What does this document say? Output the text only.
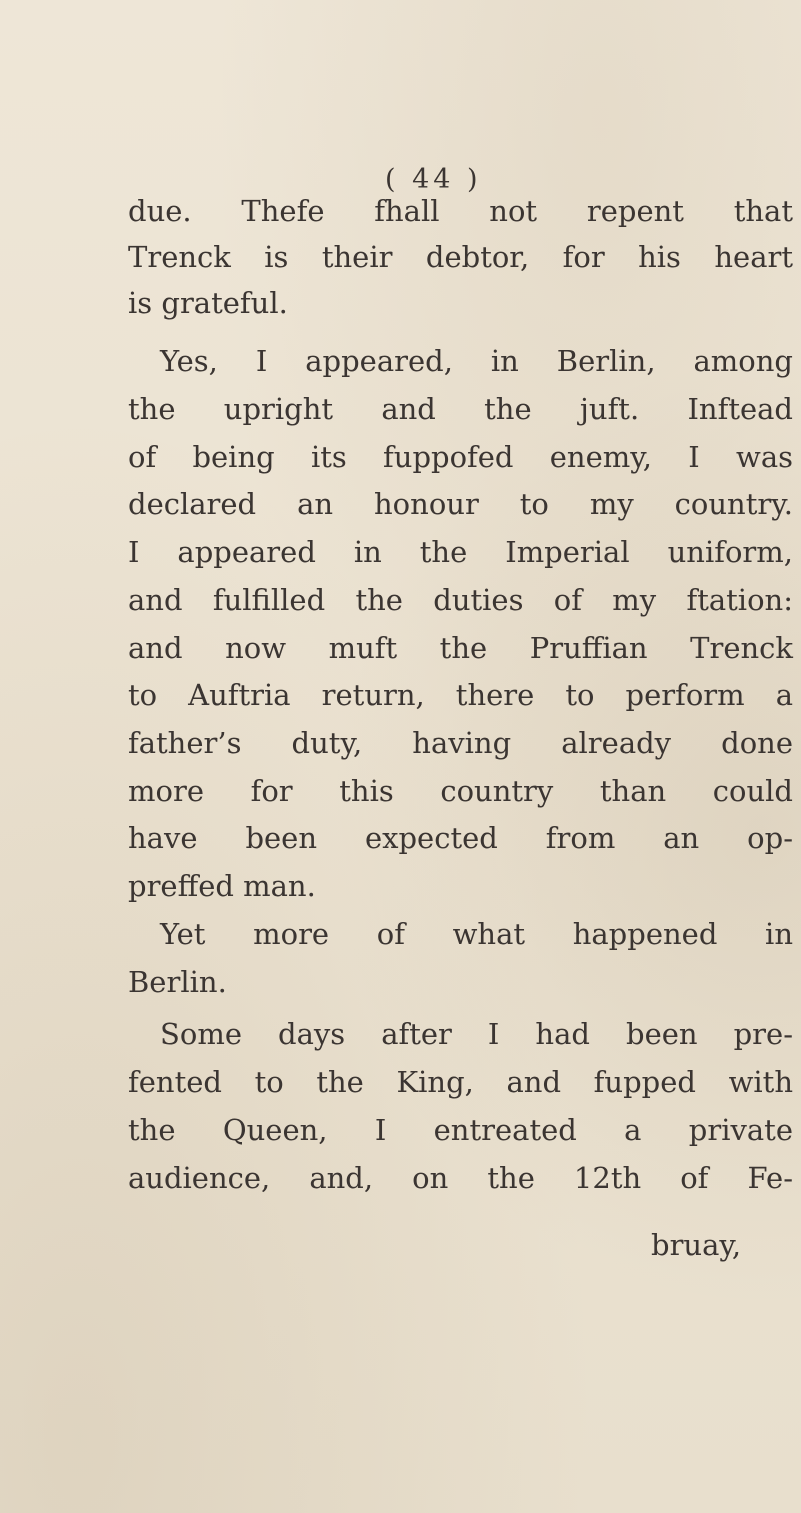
( 44 )

due. Thefe fhall not repent that

Trenck is their debtor, for his heart

is grateful.

Yes, I appeared, in Berlin, among

the upright and the juft. Inftead

of being its fuppofed enemy, I was

declared an honour to my country.

I appeared in the Imperial uniform,

and fulfilled the duties of my ftation:

and now muft the Pruffian Trenck

to Auftria return, there to perform a

father’s duty, having already done

more for this country than could

have been expected from an op-

preffed man.

Yet more of what happened in

Berlin.

Some days after I had been pre-

fented to the King, and fupped with

the Queen, I entreated a private

audience, and, on the 12th of Fe-

bruay,
